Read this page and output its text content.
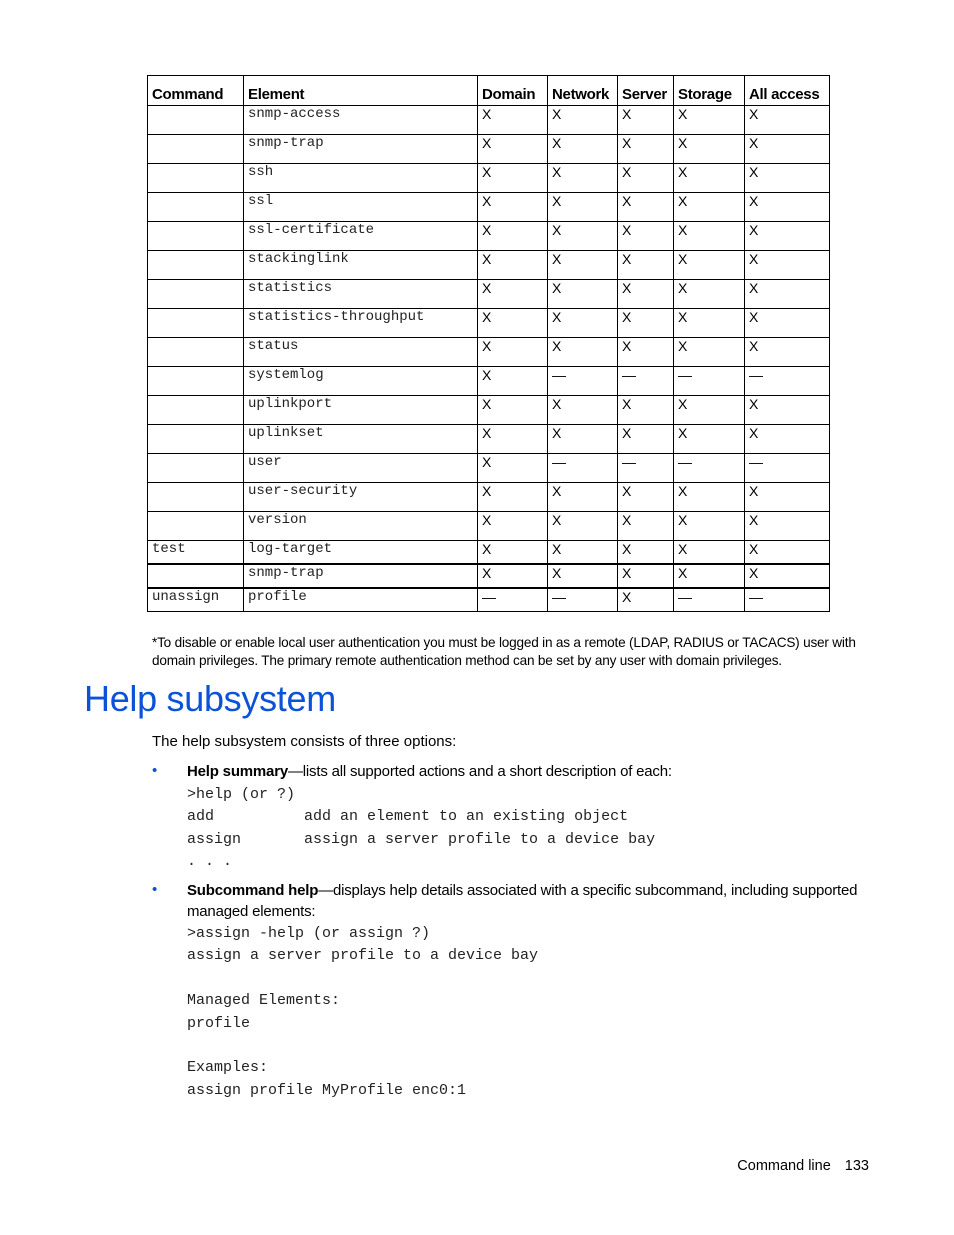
Command	Element	Domain	Network	Server	Storage	All access
	snmp-access	X	X	X	X	X
	snmp-trap	X	X	X	X	X
	ssh	X	X	X	X	X
	ssl	X	X	X	X	X
	ssl-certificate	X	X	X	X	X
	stackinglink	X	X	X	X	X
	statistics	X	X	X	X	X
	statistics-throughput	X	X	X	X	X
	status	X	X	X	X	X
	systemlog	X	—	—	—	—
	uplinkport	X	X	X	X	X
	uplinkset	X	X	X	X	X
	user	X	—	—	—	—
	user-security	X	X	X	X	X
	version	X	X	X	X	X
test	log-target	X	X	X	X	X
	snmp-trap	X	X	X	X	X
unassign	profile	—	—	X	—	—

*To disable or enable local user authentication you must be logged in as a remote (LDAP, RADIUS or TACACS) user with domain privileges. The primary remote authentication method can be set by any user with domain privileges.

Help subsystem
The help subsystem consists of three options:
• Help summary—lists all supported actions and a short description of each:
>help (or ?)
add          add an element to an existing object
assign       assign a server profile to a device bay
. . .
• Subcommand help—displays help details associated with a specific subcommand, including supported managed elements:
>assign -help (or assign ?)
assign a server profile to a device bay

Managed Elements:
profile

Examples:
assign profile MyProfile enc0:1
Command line 133
